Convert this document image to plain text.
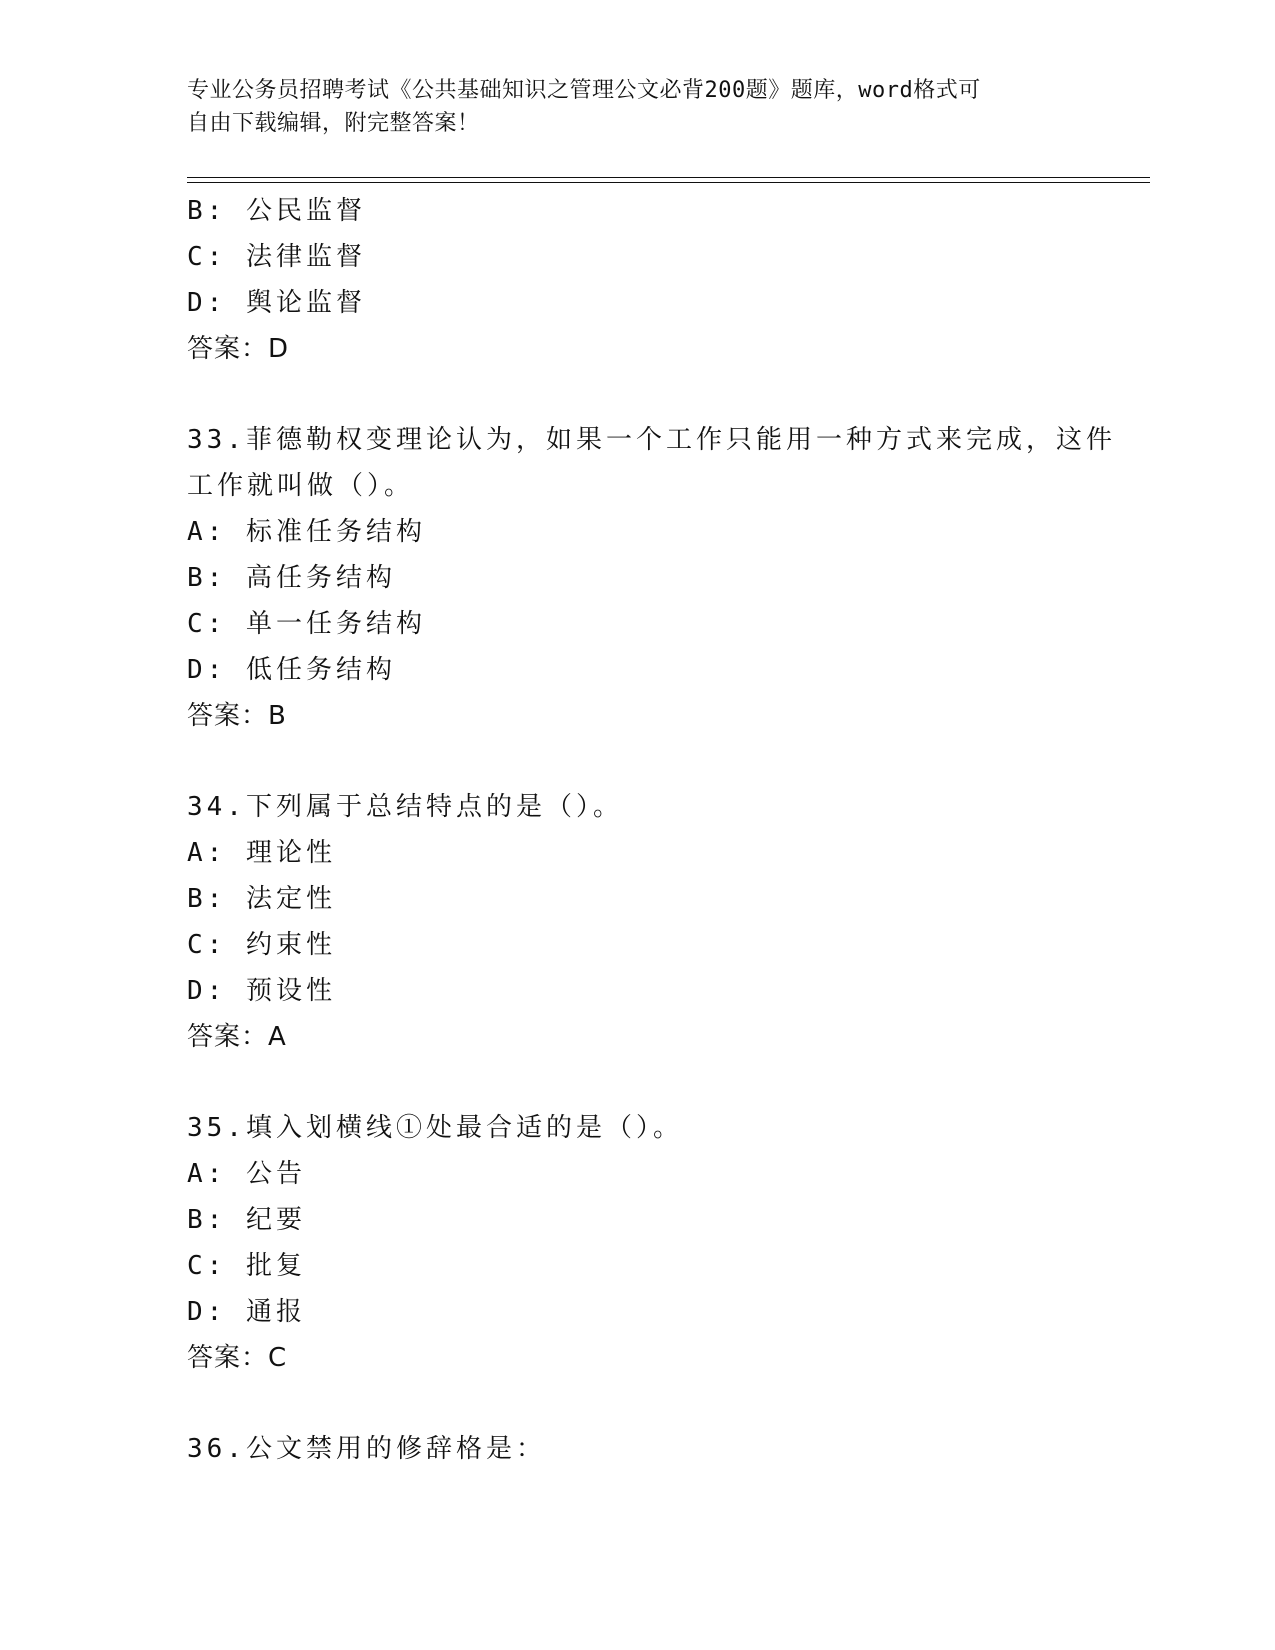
专业公务员招聘考试《公共基础知识之管理公文必背200题》题库，word格式可
自由下载编辑，附完整答案！
B: 公民监督
C: 法律监督
D: 舆论监督
答案：D
33.菲德勒权变理论认为，如果一个工作只能用一种方式来完成，这件
工作就叫做（）。
A: 标准任务结构
B: 高任务结构
C: 单一任务结构
D: 低任务结构
答案：B
34.下列属于总结特点的是（）。
A: 理论性
B: 法定性
C: 约束性
D: 预设性
答案：A
35.填入划横线①处最合适的是（）。
A: 公告
B: 纪要
C: 批复
D: 通报
答案：C
36.公文禁用的修辞格是：
